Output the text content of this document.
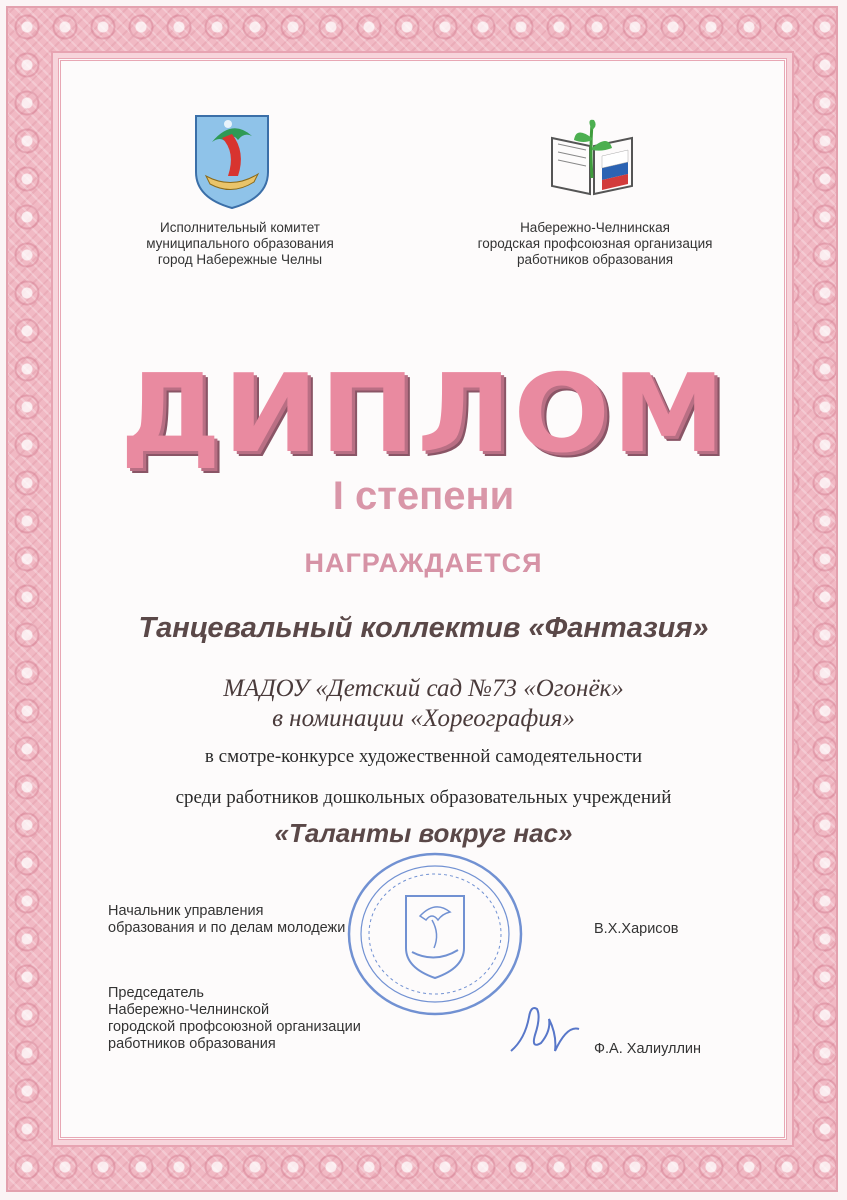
Исполнительный комитет
муниципального образования
город Набережные Челны
Набережно-Челнинская
городская профсоюзная организация
работников образования
ДИПЛОМ
I степени
НАГРАЖДАЕТСЯ
Танцевальный коллектив «Фантазия»
МАДОУ «Детский сад №73 «Огонёк»
в номинации «Хореография»
в смотре-конкурсе художественной самодеятельности
среди работников дошкольных образовательных учреждений
«Таланты вокруг нас»
Начальник управления
образования и по делам молодежи	В.Х.Харисов
Председатель
Набережно-Челнинской
городской профсоюзной организации
работников образования	Ф.А. Халиуллин
